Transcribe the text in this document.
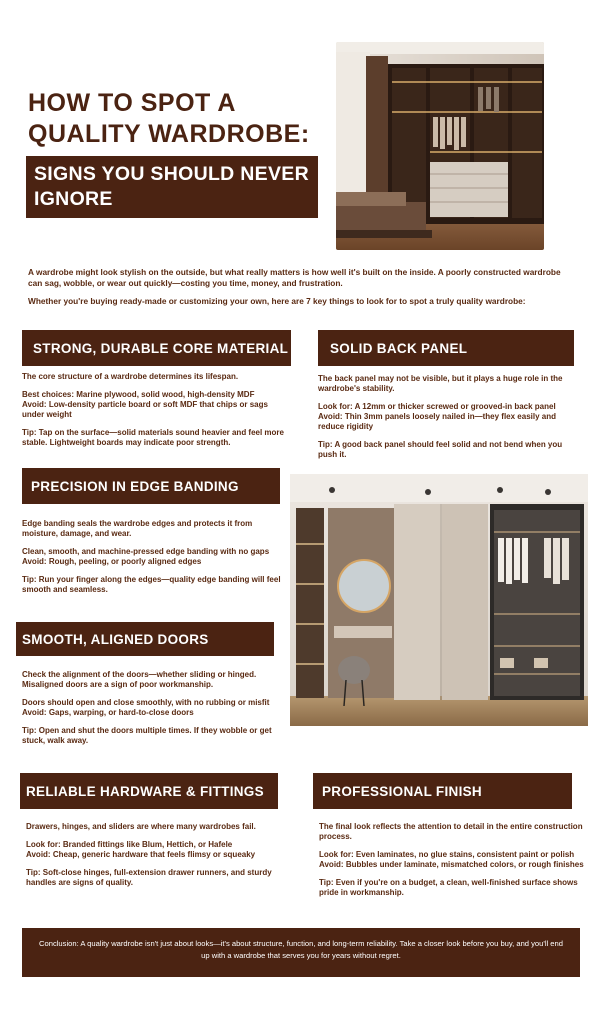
HOW TO SPOT A QUALITY WARDROBE:
SIGNS YOU SHOULD NEVER IGNORE
A wardrobe might look stylish on the outside, but what really matters is how well it's built on the inside. A poorly constructed wardrobe can sag, wobble, or wear out quickly—costing you time, money, and frustration.
Whether you're buying ready-made or customizing your own, here are 7 key things to look for to spot a truly quality wardrobe:
STRONG, DURABLE CORE MATERIAL

The core structure of a wardrobe determines its lifespan.

Best choices: Marine plywood, solid wood, high-density MDF
Avoid: Low-density particle board or soft MDF that chips or sags under weight

Tip: Tap on the surface—solid materials sound heavier and feel more stable. Lightweight boards may indicate poor strength.

SOLID BACK PANEL

The back panel may not be visible, but it plays a huge role in the wardrobe's stability.

Look for: A 12mm or thicker screwed or grooved-in back panel
Avoid: Thin 3mm panels loosely nailed in—they flex easily and reduce rigidity

Tip: A good back panel should feel solid and not bend when you push it.

PRECISION IN EDGE BANDING

Edge banding seals the wardrobe edges and protects it from moisture, damage, and wear.

Clean, smooth, and machine-pressed edge banding with no gaps
Avoid: Rough, peeling, or poorly aligned edges

Tip: Run your finger along the edges—quality edge banding will feel smooth and seamless.

SMOOTH, ALIGNED DOORS

Check the alignment of the doors—whether sliding or hinged. Misaligned doors are a sign of poor workmanship.

Doors should open and close smoothly, with no rubbing or misfit
Avoid: Gaps, warping, or hard-to-close doors

Tip: Open and shut the doors multiple times. If they wobble or get stuck, walk away.

RELIABLE HARDWARE & FITTINGS

Drawers, hinges, and sliders are where many wardrobes fail.

Look for: Branded fittings like Blum, Hettich, or Hafele
Avoid: Cheap, generic hardware that feels flimsy or squeaky

Tip: Soft-close hinges, full-extension drawer runners, and sturdy handles are signs of quality.

PROFESSIONAL FINISH

The final look reflects the attention to detail in the entire construction process.

Look for: Even laminates, no glue stains, consistent paint or polish
Avoid: Bubbles under laminate, mismatched colors, or rough finishes

Tip: Even if you're on a budget, a clean, well-finished surface shows pride in workmanship.

Conclusion: A quality wardrobe isn't just about looks—it's about structure, function, and long-term reliability. Take a closer look before you buy, and you'll end up with a wardrobe that serves you for years without regret.
